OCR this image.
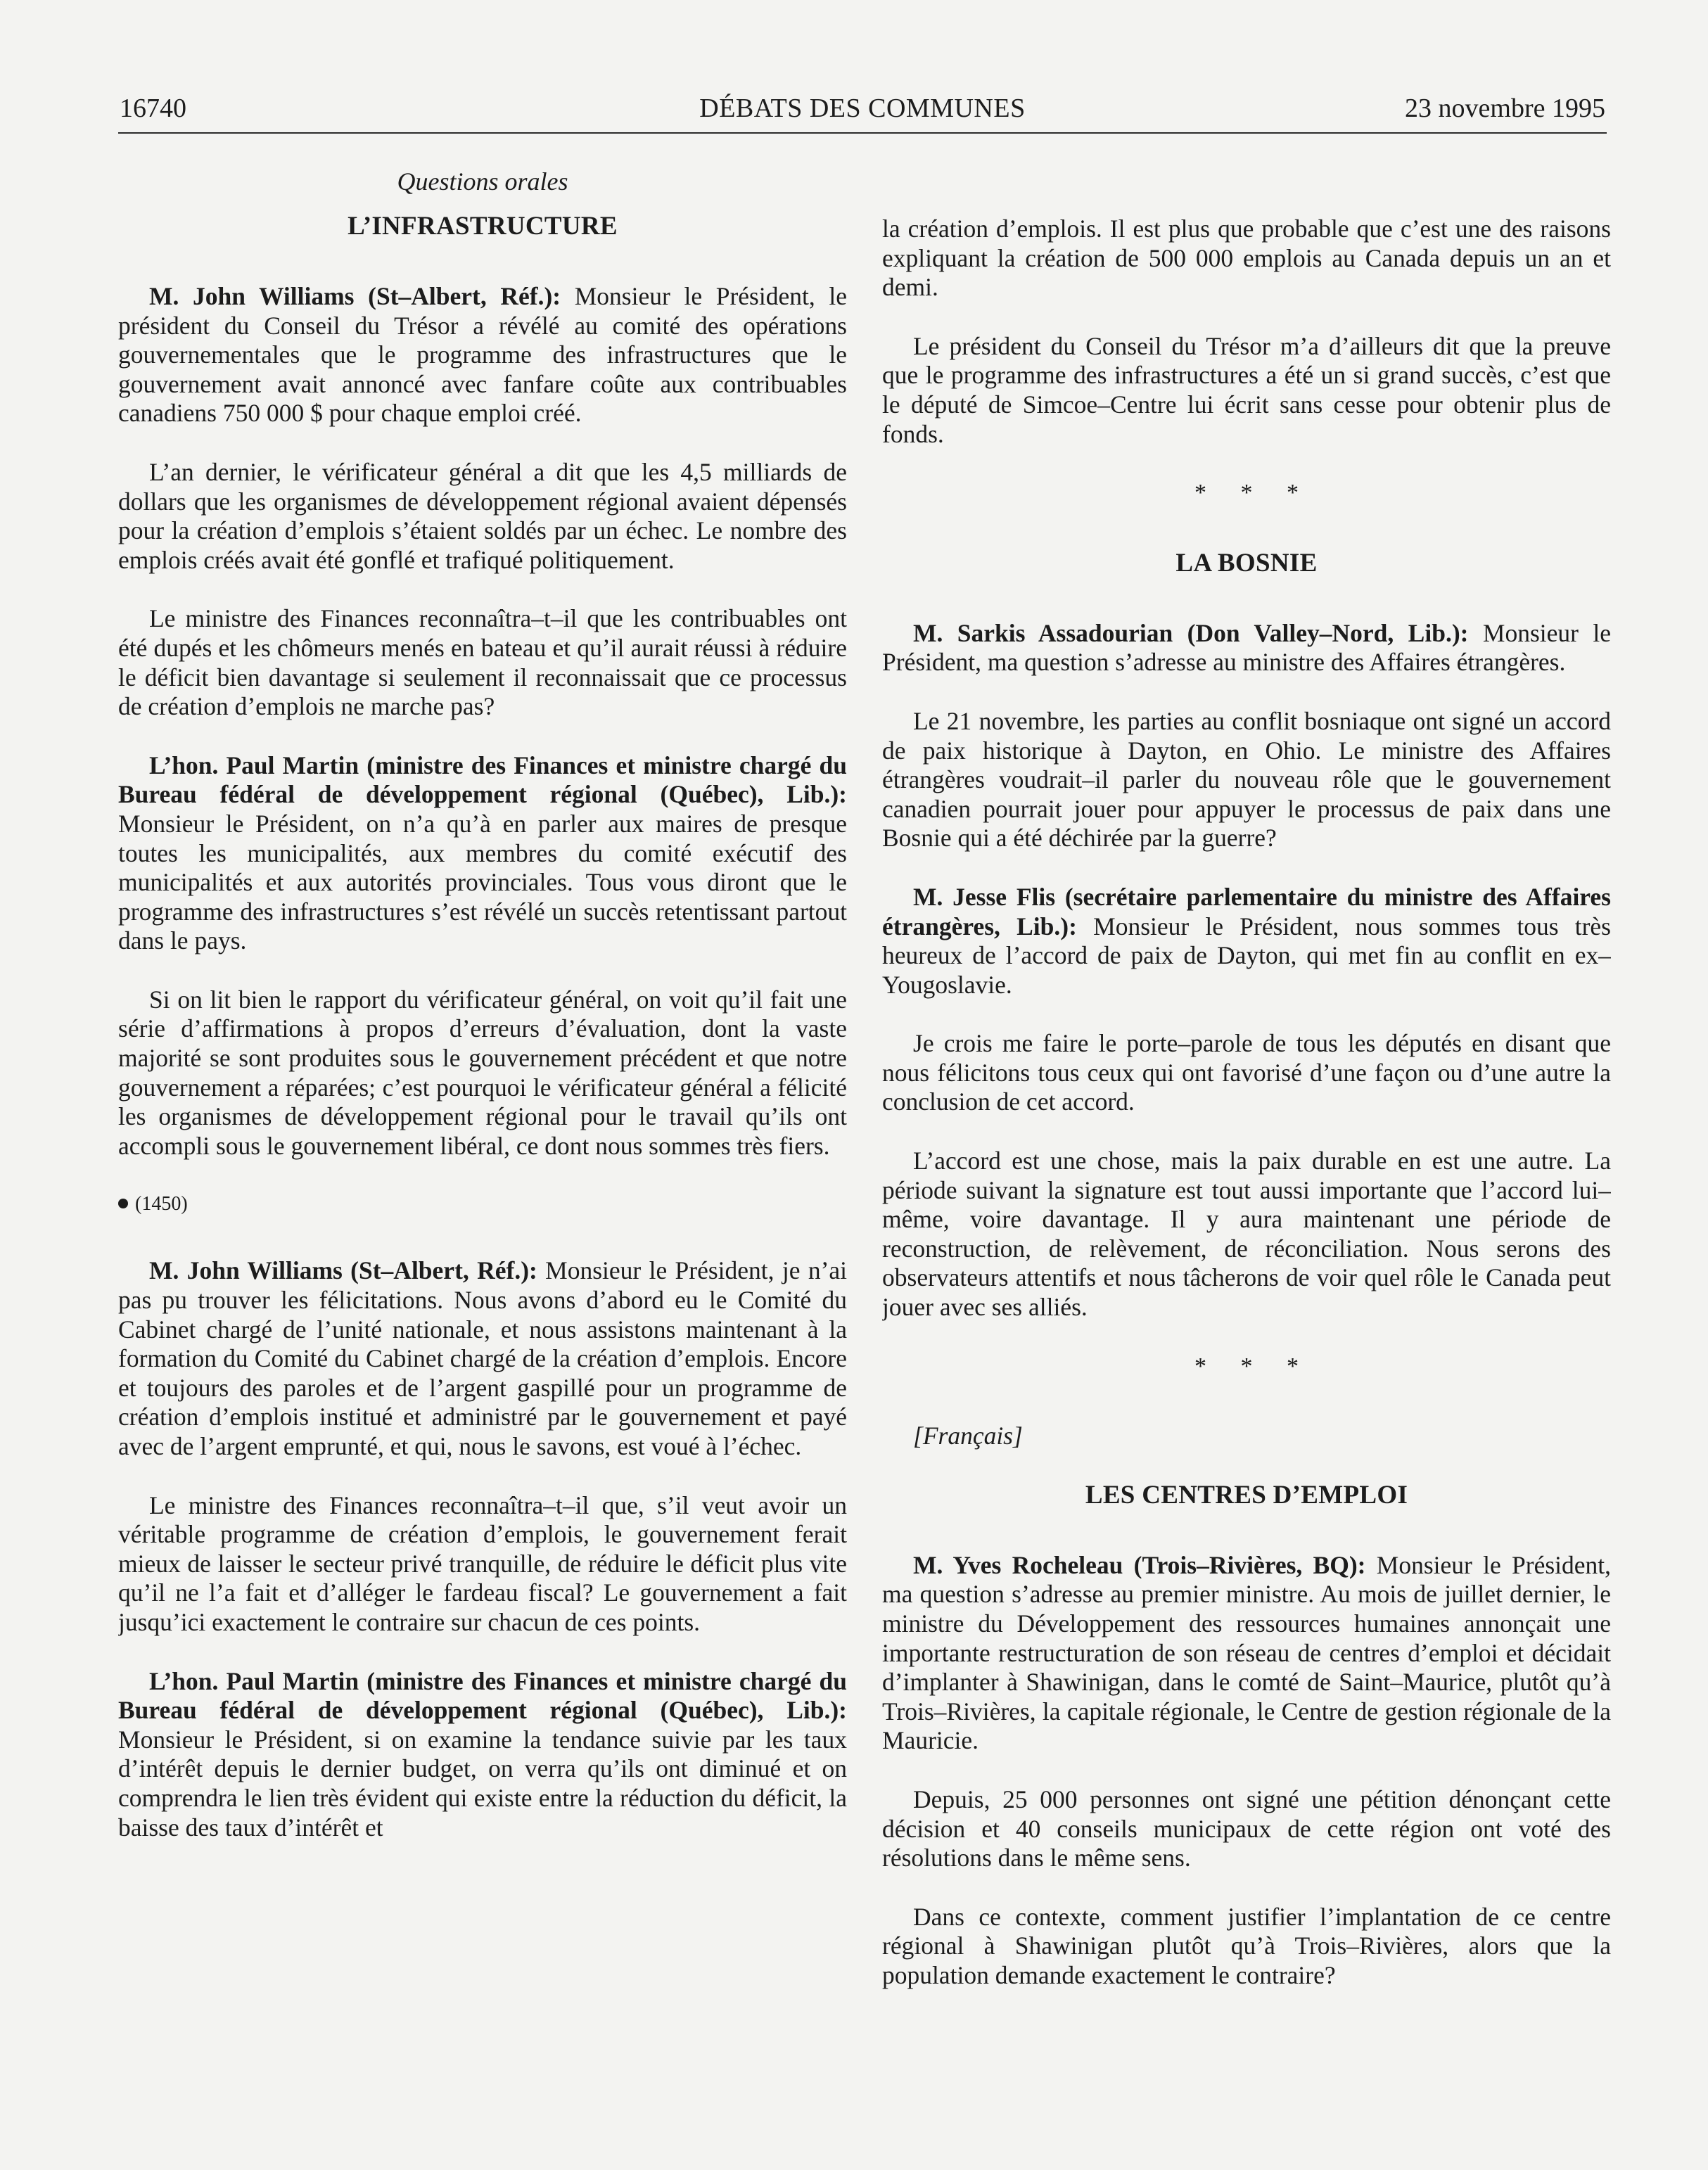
16740	DÉBATS DES COMMUNES	23 novembre 1995
Questions orales
L’INFRASTRUCTURE

M. John Williams (St–Albert, Réf.): Monsieur le Président, le président du Conseil du Trésor a révélé au comité des opérations gouvernementales que le programme des infrastructures que le gouvernement avait annoncé avec fanfare coûte aux contribuables canadiens 750 000 $ pour chaque emploi créé.

L’an dernier, le vérificateur général a dit que les 4,5 milliards de dollars que les organismes de développement régional avaient dépensés pour la création d’emplois s’étaient soldés par un échec. Le nombre des emplois créés avait été gonflé et trafiqué politiquement.

Le ministre des Finances reconnaîtra–t–il que les contribuables ont été dupés et les chômeurs menés en bateau et qu’il aurait réussi à réduire le déficit bien davantage si seulement il reconnaissait que ce processus de création d’emplois ne marche pas?

L’hon. Paul Martin (ministre des Finances et ministre chargé du Bureau fédéral de développement régional (Québec), Lib.): Monsieur le Président, on n’a qu’à en parler aux maires de presque toutes les municipalités, aux membres du comité exécutif des municipalités et aux autorités provinciales. Tous vous diront que le programme des infrastructures s’est révélé un succès retentissant partout dans le pays.

Si on lit bien le rapport du vérificateur général, on voit qu’il fait une série d’affirmations à propos d’erreurs d’évaluation, dont la vaste majorité se sont produites sous le gouvernement précédent et que notre gouvernement a réparées; c’est pourquoi le vérificateur général a félicité les organismes de développement régional pour le travail qu’ils ont accompli sous le gouvernement libéral, ce dont nous sommes très fiers.

(1450)

M. John Williams (St–Albert, Réf.): Monsieur le Président, je n’ai pas pu trouver les félicitations. Nous avons d’abord eu le Comité du Cabinet chargé de l’unité nationale, et nous assistons maintenant à la formation du Comité du Cabinet chargé de la création d’emplois. Encore et toujours des paroles et de l’argent gaspillé pour un programme de création d’emplois institué et administré par le gouvernement et payé avec de l’argent emprunté, et qui, nous le savons, est voué à l’échec.

Le ministre des Finances reconnaîtra–t–il que, s’il veut avoir un véritable programme de création d’emplois, le gouvernement ferait mieux de laisser le secteur privé tranquille, de réduire le déficit plus vite qu’il ne l’a fait et d’alléger le fardeau fiscal? Le gouvernement a fait jusqu’ici exactement le contraire sur chacun de ces points.

L’hon. Paul Martin (ministre des Finances et ministre chargé du Bureau fédéral de développement régional (Québec), Lib.): Monsieur le Président, si on examine la tendance suivie par les taux d’intérêt depuis le dernier budget, on verra qu’ils ont diminué et on comprendra le lien très évident qui existe entre la réduction du déficit, la baisse des taux d’intérêt et

la création d’emplois. Il est plus que probable que c’est une des raisons expliquant la création de 500 000 emplois au Canada depuis un an et demi.

Le président du Conseil du Trésor m’a d’ailleurs dit que la preuve que le programme des infrastructures a été un si grand succès, c’est que le député de Simcoe–Centre lui écrit sans cesse pour obtenir plus de fonds.

* * *
LA BOSNIE

M. Sarkis Assadourian (Don Valley–Nord, Lib.): Monsieur le Président, ma question s’adresse au ministre des Affaires étrangères.

Le 21 novembre, les parties au conflit bosniaque ont signé un accord de paix historique à Dayton, en Ohio. Le ministre des Affaires étrangères voudrait–il parler du nouveau rôle que le gouvernement canadien pourrait jouer pour appuyer le processus de paix dans une Bosnie qui a été déchirée par la guerre?

M. Jesse Flis (secrétaire parlementaire du ministre des Affaires étrangères, Lib.): Monsieur le Président, nous sommes tous très heureux de l’accord de paix de Dayton, qui met fin au conflit en ex–Yougoslavie.

Je crois me faire le porte–parole de tous les députés en disant que nous félicitons tous ceux qui ont favorisé d’une façon ou d’une autre la conclusion de cet accord.

L’accord est une chose, mais la paix durable en est une autre. La période suivant la signature est tout aussi importante que l’accord lui–même, voire davantage. Il y aura maintenant une période de reconstruction, de relèvement, de réconciliation. Nous serons des observateurs attentifs et nous tâcherons de voir quel rôle le Canada peut jouer avec ses alliés.

* * *

[Français]

LES CENTRES D’EMPLOI

M. Yves Rocheleau (Trois–Rivières, BQ): Monsieur le Président, ma question s’adresse au premier ministre. Au mois de juillet dernier, le ministre du Développement des ressources humaines annonçait une importante restructuration de son réseau de centres d’emploi et décidait d’implanter à Shawinigan, dans le comté de Saint–Maurice, plutôt qu’à Trois–Rivières, la capitale régionale, le Centre de gestion régionale de la Mauricie.

Depuis, 25 000 personnes ont signé une pétition dénonçant cette décision et 40 conseils municipaux de cette région ont voté des résolutions dans le même sens.

Dans ce contexte, comment justifier l’implantation de ce centre régional à Shawinigan plutôt qu’à Trois–Rivières, alors que la population demande exactement le contraire?
